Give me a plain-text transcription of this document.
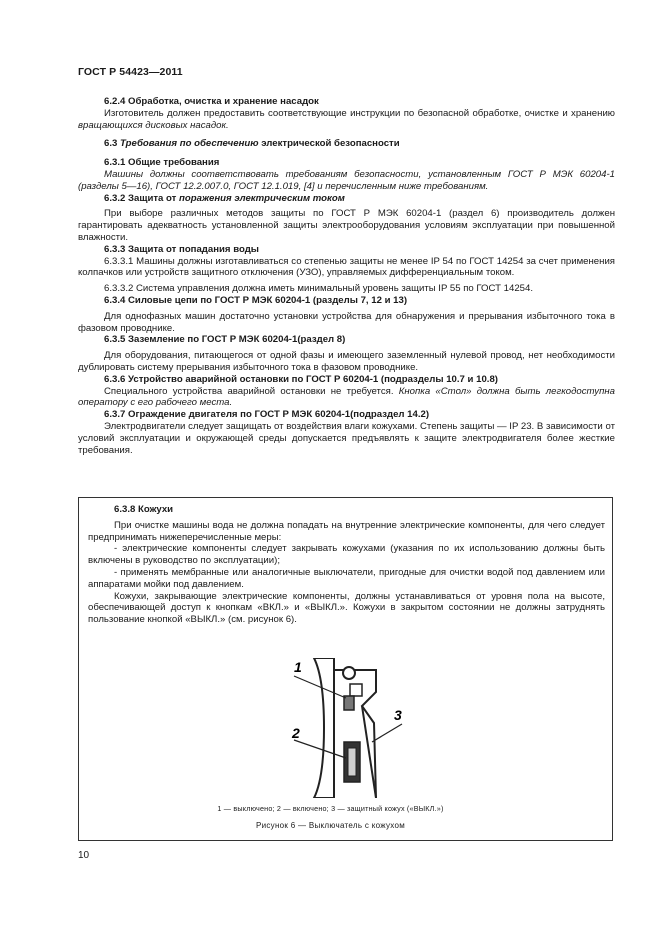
ГОСТ Р 54423—2011

6.2.4 Обработка, очистка и хранение насадок

Изготовитель должен предоставить соответствующие инструкции по безопасной обработке, очистке и хранению вращающихся дисковых насадок.

6.3 Требования по обеспечению электрической безопасности

6.3.1 Общие требования

Машины должны соответствовать требованиям безопасности, установленным ГОСТ Р МЭК 60204-1 (разделы 5—16), ГОСТ 12.2.007.0, ГОСТ 12.1.019, [4] и перечисленным ниже требованиям.

6.3.2 Защита от поражения электрическим током

При выборе различных методов защиты по ГОСТ Р МЭК 60204-1 (раздел 6) производитель должен гарантировать адекватность установленной защиты электрооборудования условиям эксплуатации при повышенной влажности.

6.3.3 Защита от попадания воды

6.3.3.1 Машины должны изготавливаться со степенью защиты не менее IP 54 по ГОСТ 14254 за счет применения колпачков или устройств защитного отключения (УЗО), управляемых дифференциальным током.

6.3.3.2 Система управления должна иметь минимальный уровень защиты IP 55 по ГОСТ 14254.

6.3.4 Силовые цепи по ГОСТ Р МЭК 60204-1 (разделы 7, 12 и 13)

Для однофазных машин достаточно установки устройства для обнаружения и прерывания избыточного тока в фазовом проводнике.

6.3.5 Заземление по ГОСТ Р МЭК 60204-1(раздел 8)

Для оборудования, питающегося от одной фазы и имеющего заземленный нулевой провод, нет необходимости дублировать систему прерывания избыточного тока в фазовом проводнике.

6.3.6 Устройство аварийной остановки по ГОСТ Р 60204-1 (подразделы 10.7 и 10.8)

Специального устройства аварийной остановки не требуется. Кнопка «Стол» должна быть легкодоступна оператору с его рабочего места.

6.3.7 Ограждение двигателя по ГОСТ Р МЭК 60204-1(подраздел 14.2)

Электродвигатели следует защищать от воздействия влаги кожухами. Степень защиты — IP 23. В зависимости от условий эксплуатации и окружающей среды допускается предъявлять к защите электродвигателя более жесткие требования.

6.3.8 Кожухи

При очистке машины вода не должна попадать на внутренние электрические компоненты, для чего следует предпринимать нижеперечисленные меры:

- электрические компоненты следует закрывать кожухами (указания по их использованию должны быть включены в руководство по эксплуатации);

- применять мембранные или аналогичные выключатели, пригодные для очистки водой под давлением или аппаратами мойки под давлением.

Кожухи, закрывающие электрические компоненты, должны устанавливаться от уровня пола на высоте, обеспечивающей доступ к кнопкам «ВКЛ.» и «ВЫКЛ.». Кожухи в закрытом состоянии не должны затруднять пользование кнопкой «ВЫКЛ.» (см. рисунок 6).

1
2
3
1 — выключено; 2 — включено; 3 — защитный кожух («ВЫКЛ.»)
Рисунок 6 — Выключатель с кожухом
10
